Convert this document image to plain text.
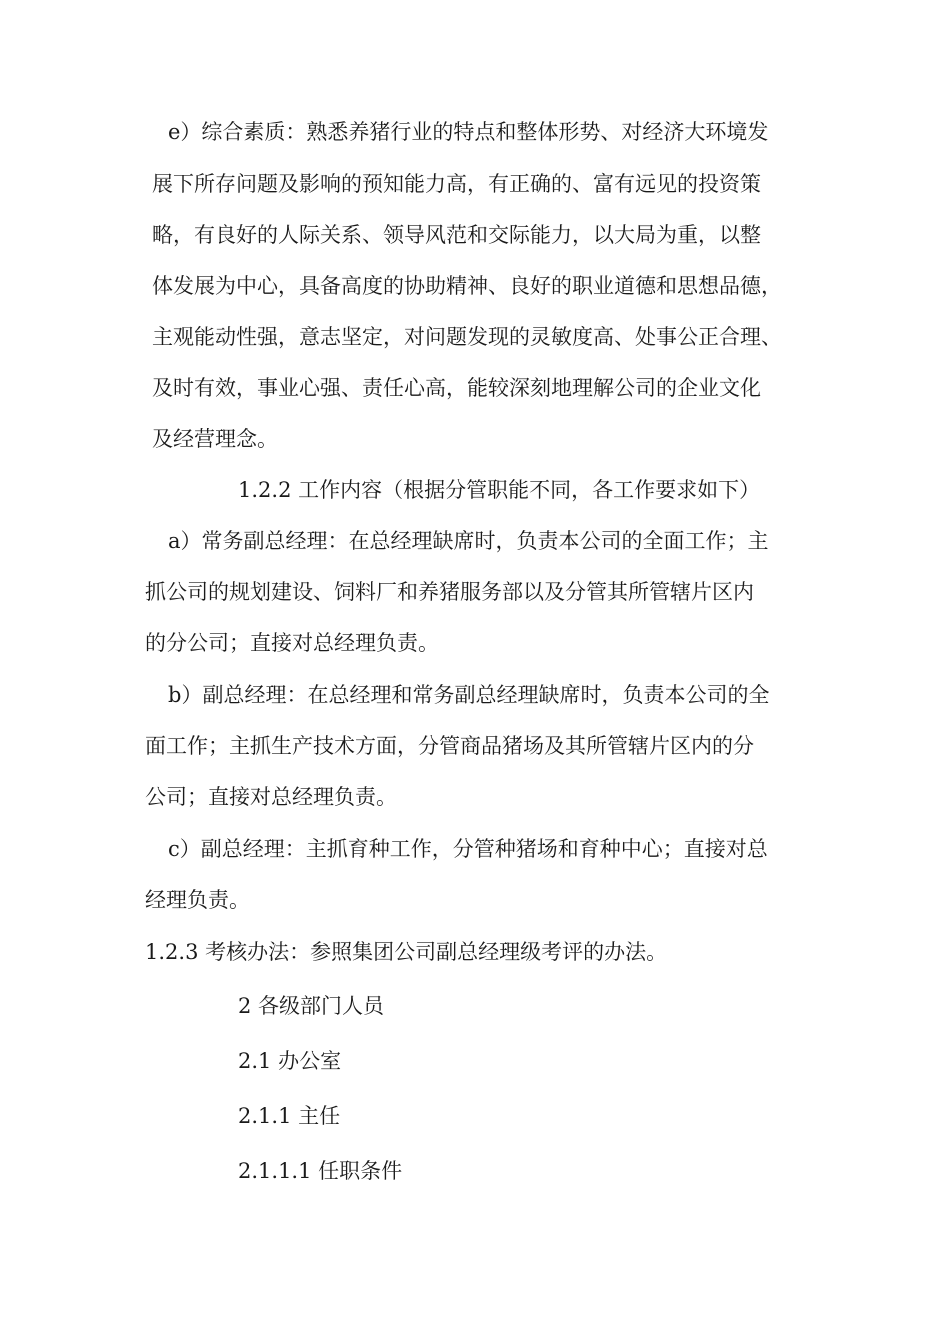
e）综合素质：熟悉养猪行业的特点和整体形势、对经济大环境发
展下所存问题及影响的预知能力高，有正确的、富有远见的投资策
略，有良好的人际关系、领导风范和交际能力，以大局为重，以整
体发展为中心，具备高度的协助精神、良好的职业道德和思想品德，
主观能动性强，意志坚定，对问题发现的灵敏度高、处事公正合理、
及时有效，事业心强、责任心高，能较深刻地理解公司的企业文化
及经营理念。
1.2.2 工作内容（根据分管职能不同，各工作要求如下）
a）常务副总经理：在总经理缺席时，负责本公司的全面工作；主
抓公司的规划建设、饲料厂和养猪服务部以及分管其所管辖片区内
的分公司；直接对总经理负责。
b）副总经理：在总经理和常务副总经理缺席时，负责本公司的全
面工作；主抓生产技术方面，分管商品猪场及其所管辖片区内的分
公司；直接对总经理负责。
c）副总经理：主抓育种工作，分管种猪场和育种中心；直接对总
经理负责。
1.2.3 考核办法：参照集团公司副总经理级考评的办法。
2 各级部门人员
2.1 办公室
2.1.1 主任
2.1.1.1 任职条件
